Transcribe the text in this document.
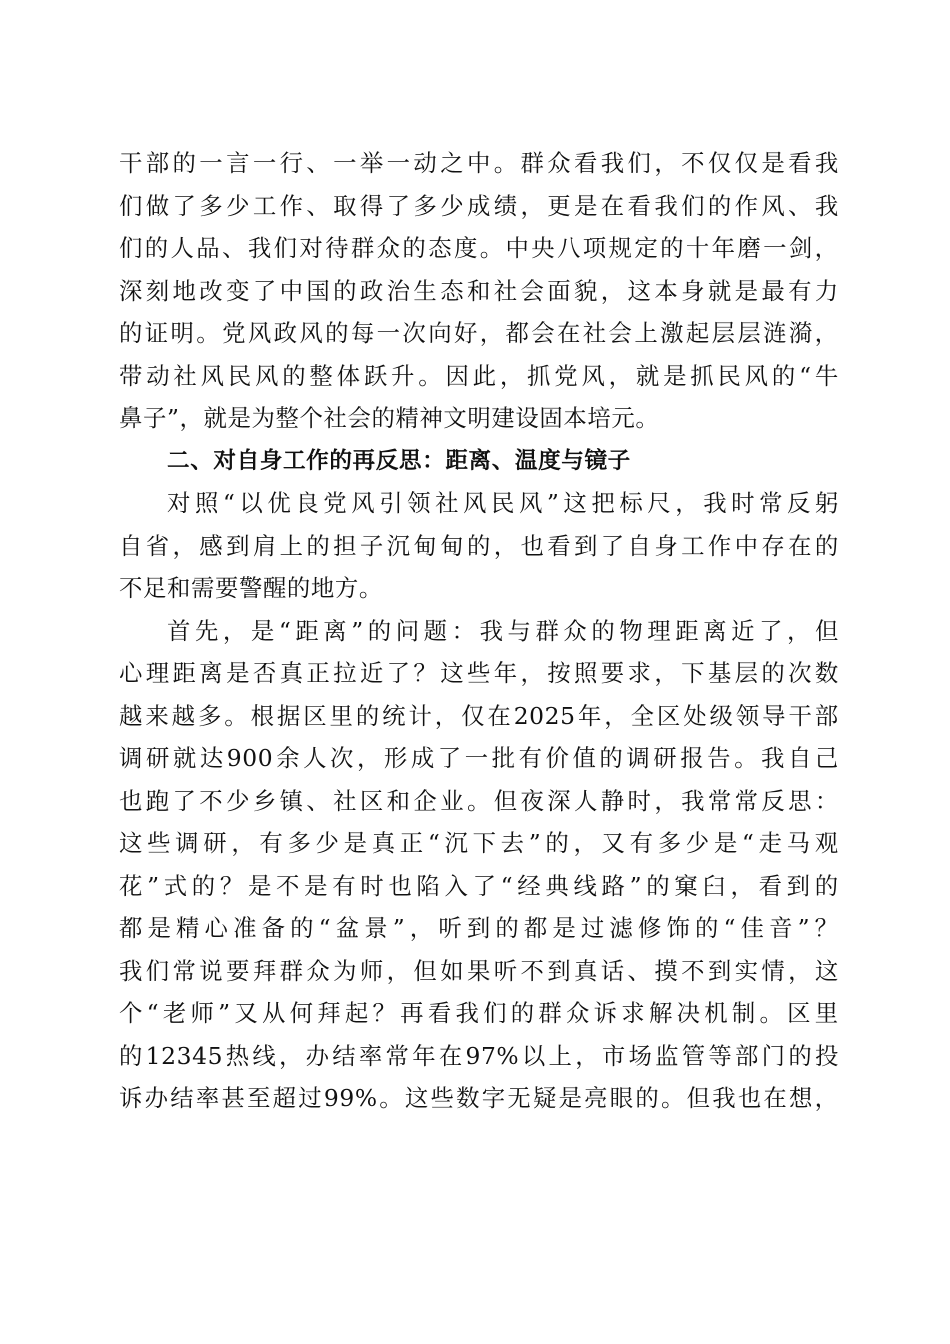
干 部 的 一 言 一 行 、 一 举 一 动 之 中 。 群 众 看 我 们 ， 不 仅 仅 是 看 我
们 做 了 多 少 工 作 、 取 得 了 多 少 成 绩 ， 更 是 在 看 我 们 的 作 风 、 我
们 的 人 品 、 我 们 对 待 群 众 的 态 度 。 中 央 八 项 规 定 的 十 年 磨 一 剑 ，
深 刻 地 改 变 了 中 国 的 政 治 生 态 和 社 会 面 貌 ， 这 本 身 就 是 最 有 力
的 证 明 。 党 风 政 风 的 每 一 次 向 好 ， 都 会 在 社 会 上 激 起 层 层 涟 漪 ，
带 动 社 风 民 风 的 整 体 跃 升 。 因 此 ， 抓 党 风 ， 就 是 抓 民 风 的 “ 牛
鼻子”，就是为整个社会的精神文明建设固本培元。
二、对自身工作的再反思：距离、温度与镜子
对 照 “ 以 优 良 党 风 引 领 社 风 民 风 ” 这 把 标 尺 ， 我 时 常 反 躬
自 省 ， 感 到 肩 上 的 担 子 沉 甸 甸 的 ， 也 看 到 了 自 身 工 作 中 存 在 的
不足和需要警醒的地方。
首 先 ， 是 “ 距 离 ” 的 问 题 ： 我 与 群 众 的 物 理 距 离 近 了 ， 但
心 理 距 离 是 否 真 正 拉 近 了 ？ 这 些 年 ， 按 照 要 求 ， 下 基 层 的 次 数
越 来 越 多 。 根 据 区 里 的 统 计 ， 仅 在 2025 年 ， 全 区 处 级 领 导 干 部
调 研 就 达 900 余 人 次 ， 形 成 了 一 批 有 价 值 的 调 研 报 告 。 我 自 己
也 跑 了 不 少 乡 镇 、 社 区 和 企 业 。 但 夜 深 人 静 时 ， 我 常 常 反 思 ：
这 些 调 研 ， 有 多 少 是 真 正 “ 沉 下 去 ” 的 ， 又 有 多 少 是 “ 走 马 观
花 ” 式 的 ？ 是 不 是 有 时 也 陷 入 了 “ 经 典 线 路 ” 的 窠 臼 ， 看 到 的
都 是 精 心 准 备 的 “ 盆 景 ” ， 听 到 的 都 是 过 滤 修 饰 的 “ 佳 音 ” ？
我 们 常 说 要 拜 群 众 为 师 ， 但 如 果 听 不 到 真 话 、 摸 不 到 实 情 ， 这
个 “ 老 师 ” 又 从 何 拜 起 ？ 再 看 我 们 的 群 众 诉 求 解 决 机 制 。 区 里
的 12345 热 线 ， 办 结 率 常 年 在 97% 以 上 ， 市 场 监 管 等 部 门 的 投
诉 办 结 率 甚 至 超 过 99% 。 这 些 数 字 无 疑 是 亮 眼 的 。 但 我 也 在 想 ，
